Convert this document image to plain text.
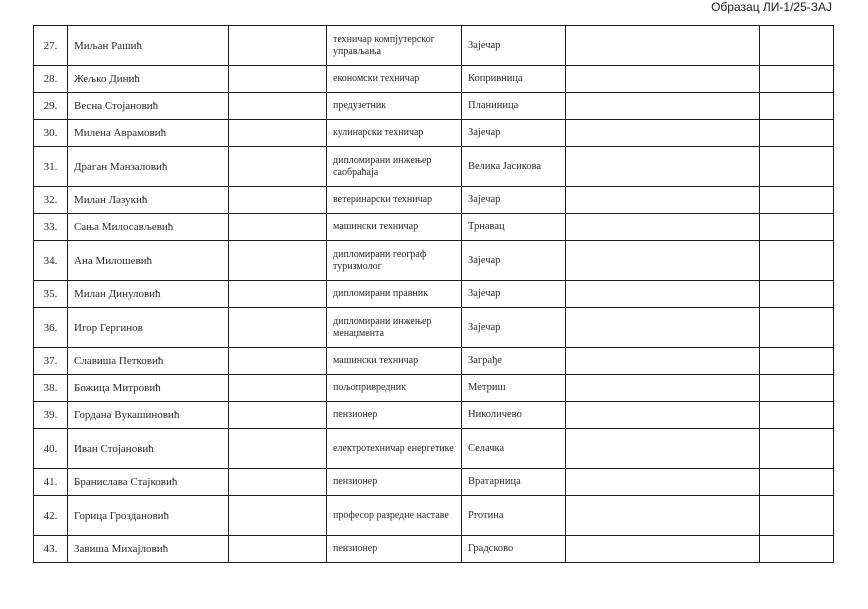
Образац ЛИ-1/25-ЗАЈ
27.	Миљан Рашић		техничар компјутерског управљања	Зајечар		
28.	Жељко Динић		економски техничар	Копривница		
29.	Весна Стојановић		предузетник	Планиница		
30.	Милена Аврамовић		кулинарски техничар	Зајечар		
31.	Драган Манзаловић		дипломирани инжењер саобраћаја	Велика Јасикова		
32.	Милан Лазукић		ветеринарски техничар	Зајечар		
33.	Сања Милосављевић		машински техничар	Трнавац		
34.	Ана Милошевић		дипломирани географ туризмолог	Зајечар		
35.	Милан Динуловић		дипломирани правник	Зајечар		
36.	Игор Гергинов		дипломирани инжењер менаџмента	Зајечар		
37.	Славиша Петковић		машински техничар	Заграђе		
38.	Божица Митровић		пољопривредник	Метриш		
39.	Гордана Вукашиновић		пензионер	Николичево		
40.	Иван Стојановић		електротехничар енергетике	Селачка		
41.	Бранислава Стајковић		пензионер	Вратарница		
42.	Горица Гроздановић		професор разредне наставе	Рготина		
43.	Завиша Михајловић		пензионер	Градсково		
